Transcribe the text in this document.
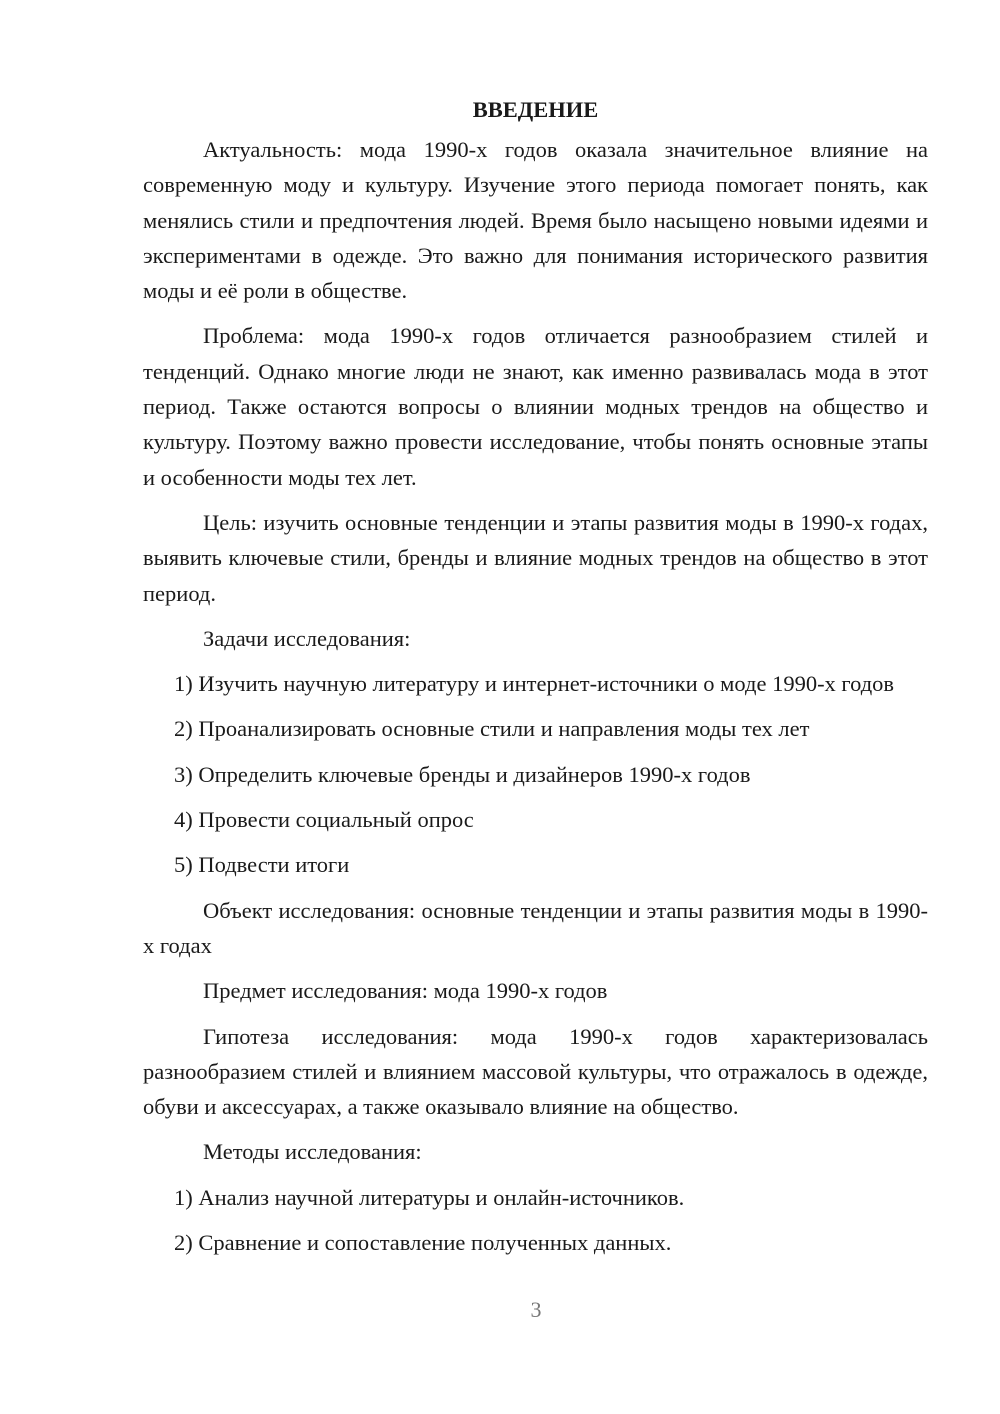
ВВЕДЕНИЕ

Актуальность: мода 1990-х годов оказала значительное влияние на современную моду и культуру. Изучение этого периода помогает понять, как менялись стили и предпочтения людей. Время было насыщено новыми идеями и экспериментами в одежде. Это важно для понимания исторического развития моды и её роли в обществе.

Проблема: мода 1990-х годов отличается разнообразием стилей и тенденций. Однако многие люди не знают, как именно развивалась мода в этот период. Также остаются вопросы о влиянии модных трендов на общество и культуру. Поэтому важно провести исследование, чтобы понять основные этапы и особенности моды тех лет.

Цель: изучить основные тенденции и этапы развития моды в 1990-х годах, выявить ключевые стили, бренды и влияние модных трендов на общество в этот период.

Задачи исследования:

1) Изучить научную литературу и интернет-источники о моде 1990-х годов

2) Проанализировать основные стили и направления моды тех лет

3) Определить ключевые бренды и дизайнеров 1990-х годов

4) Провести социальный опрос

5) Подвести итоги

Объект исследования: основные тенденции и этапы развития моды в 1990-х годах

Предмет исследования: мода 1990-х годов

Гипотеза исследования: мода 1990-х годов характеризовалась разнообразием стилей и влиянием массовой культуры, что отражалось в одежде, обуви и аксессуарах, а также оказывало влияние на общество.

Методы исследования:

1) Анализ научной литературы и онлайн-источников.

2) Сравнение и сопоставление полученных данных.

3
